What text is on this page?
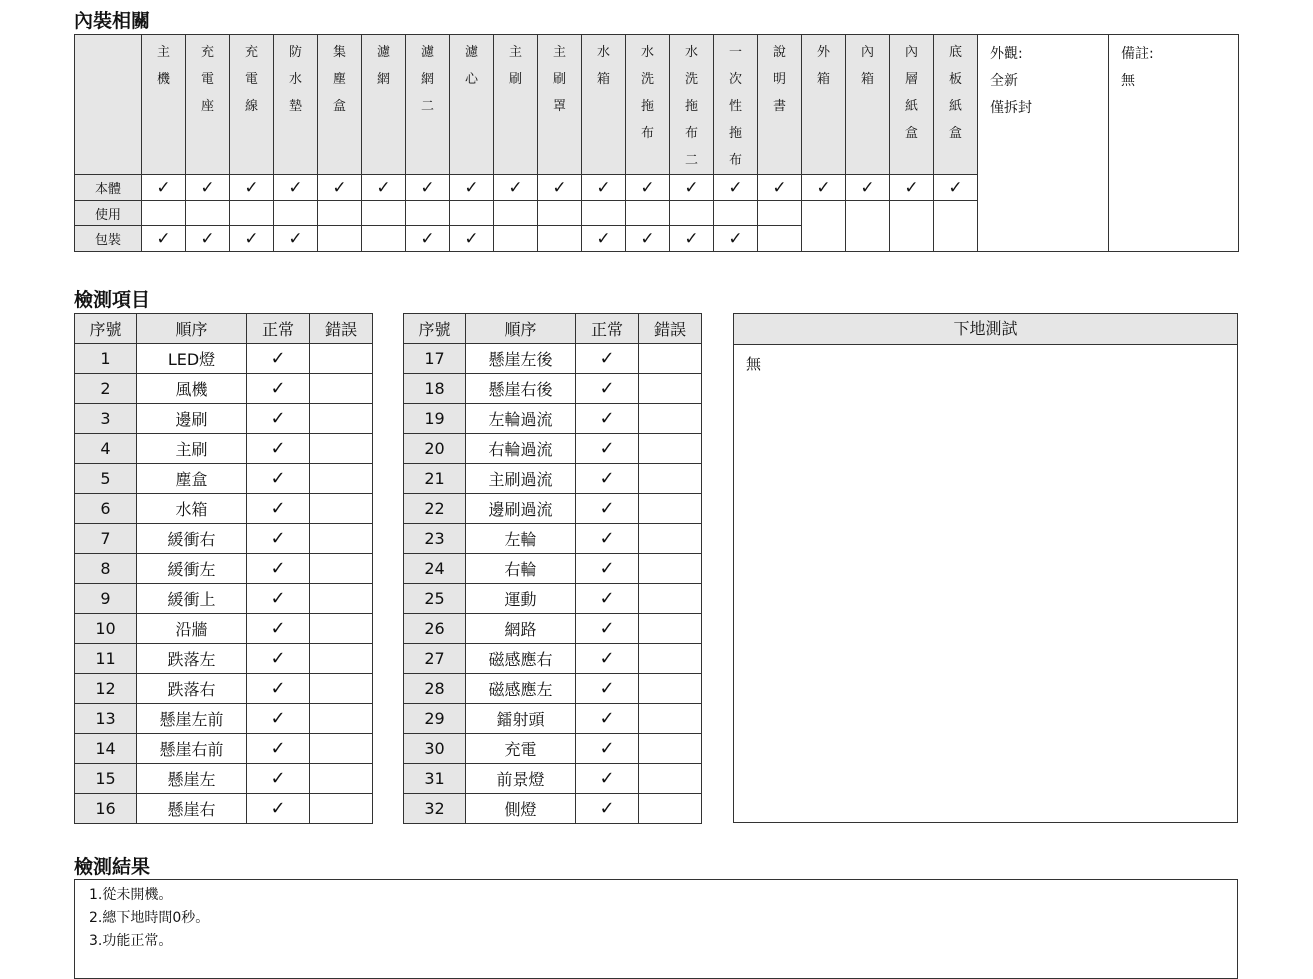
內裝相關

	主
機	充
電
座	充
電
線	防
水
墊	集
塵
盒	濾
網	濾
網
二	濾
心	主
刷	主
刷
罩	水
箱	水
洗
拖
布	水
洗
拖
布
二	一
次
性
拖
布	說
明
書	外
箱	內
箱	內
層
紙
盒	底
板
紙
盒	外觀:
全新
僅拆封	備註:
無

本體	✓	✓	✓	✓	✓	✓	✓	✓	✓	✓	✓	✓	✓	✓	✓	✓	✓	✓	✓		
使用																					
包裝	✓	✓	✓	✓			✓	✓			✓	✓	✓	✓							
檢測項目
序號	順序	正常	錯誤
1	LED燈	✓	
2	風機	✓	
3	邊刷	✓	
4	主刷	✓	
5	塵盒	✓	
6	水箱	✓	
7	緩衝右	✓	
8	緩衝左	✓	
9	緩衝上	✓	
10	沿牆	✓	
11	跌落左	✓	
12	跌落右	✓	
13	懸崖左前	✓	
14	懸崖右前	✓	
15	懸崖左	✓	
16	懸崖右	✓	
序號	順序	正常	錯誤
17	懸崖左後	✓	
18	懸崖右後	✓	
19	左輪過流	✓	
20	右輪過流	✓	
21	主刷過流	✓	
22	邊刷過流	✓	
23	左輪	✓	
24	右輪	✓	
25	運動	✓	
26	網路	✓	
27	磁感應右	✓	
28	磁感應左	✓	
29	鐳射頭	✓	
30	充電	✓	
31	前景燈	✓	
32	側燈	✓	
下地測試
無
檢測結果
1.從未開機。
2.總下地時間0秒。
3.功能正常。
